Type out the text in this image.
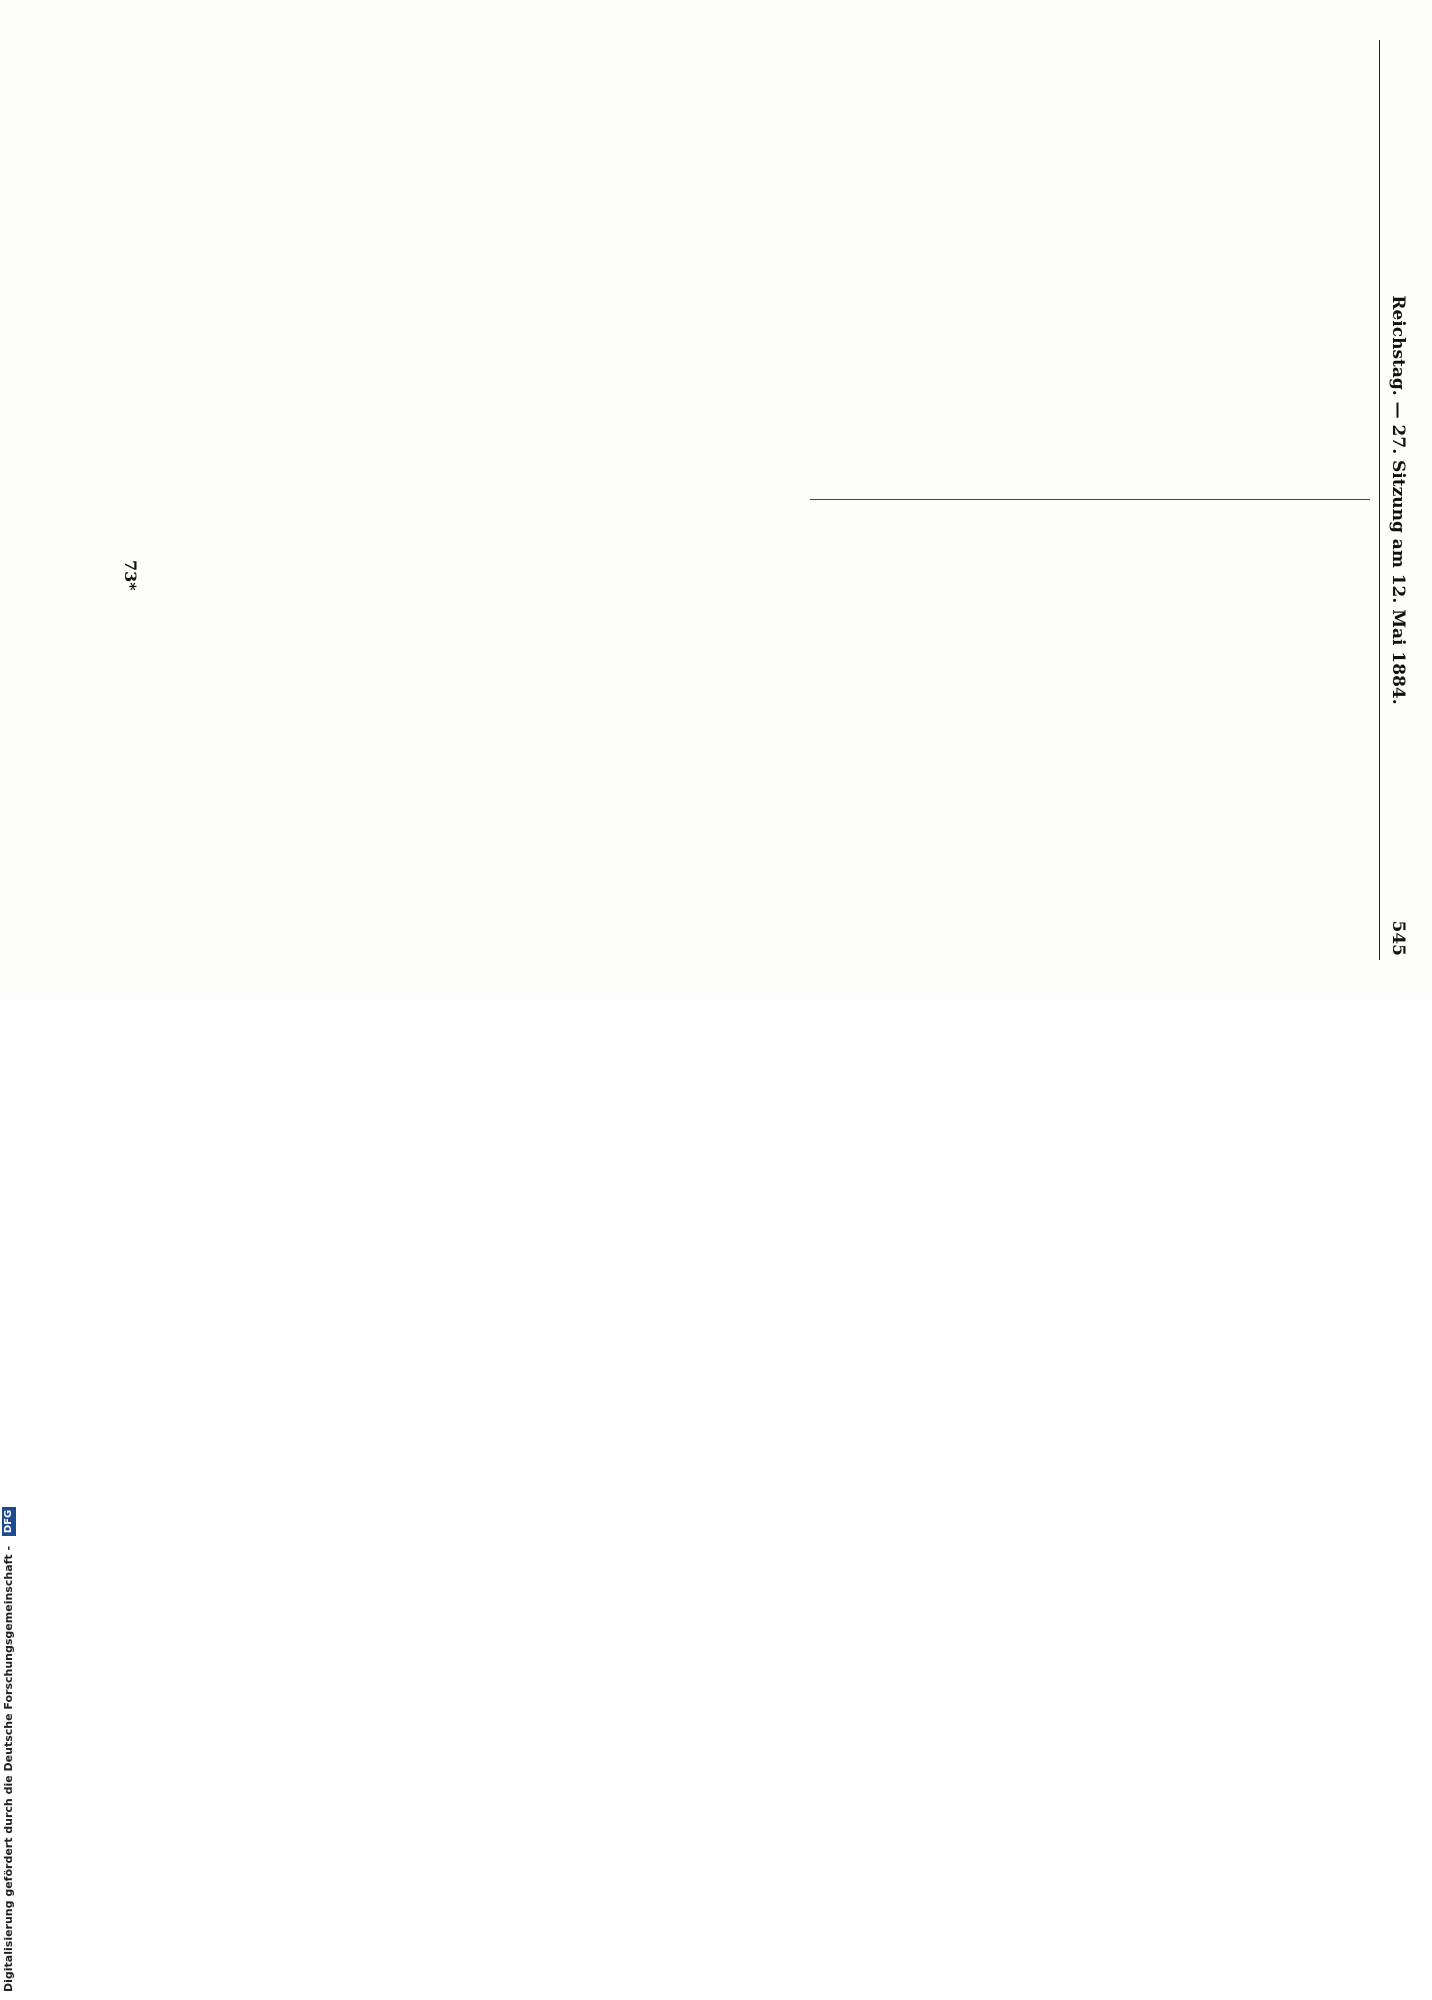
Reichstag. — 27. Sitzung am 12. Mai 1884.
545
73*
Digitalisierung gefördert durch die Deutsche Forschungsgemeinschaft - DFG
